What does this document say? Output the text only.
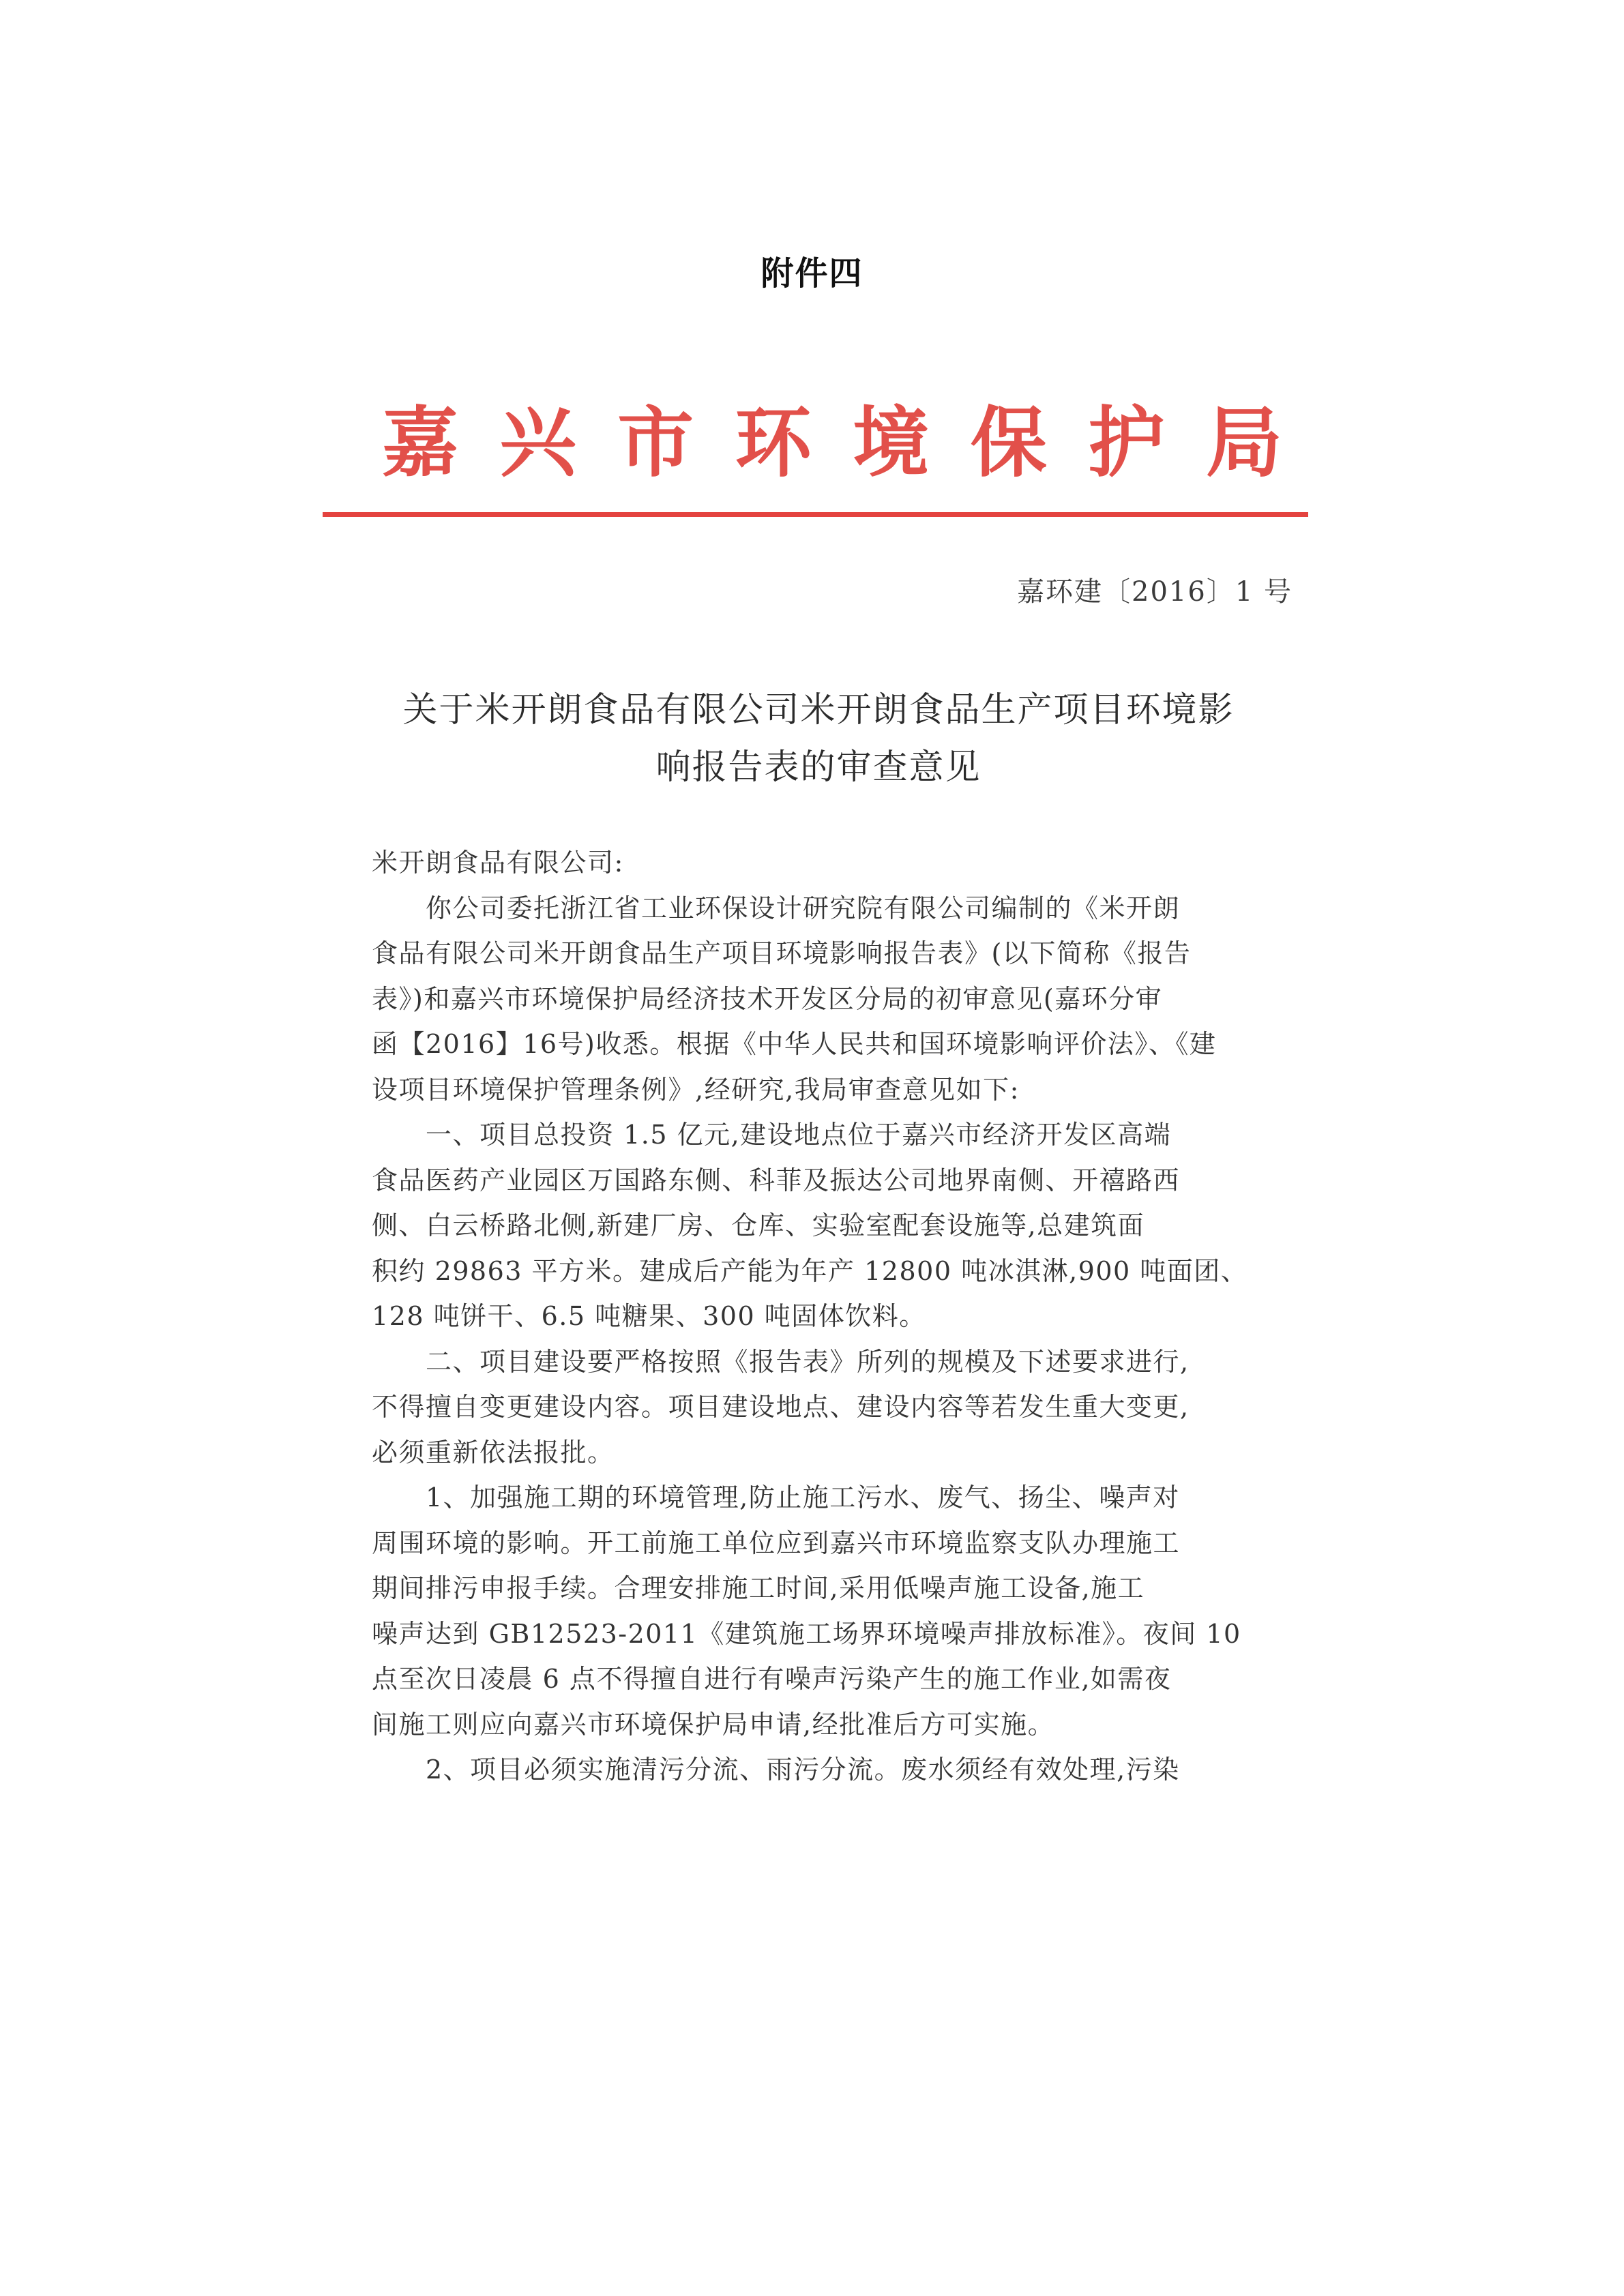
附件四
嘉 兴 市 环 境 保 护 局
嘉环建〔2016〕1 号
关于米开朗食品有限公司米开朗食品生产项目环境影
响报告表的审查意见
米开朗食品有限公司:
　　你公司委托浙江省工业环保设计研究院有限公司编制的《米开朗
食品有限公司米开朗食品生产项目环境影响报告表》(以下简称《报告
表》)和嘉兴市环境保护局经济技术开发区分局的初审意见(嘉环分审
函【2016】16号)收悉。根据《中华人民共和国环境影响评价法》、《建
设项目环境保护管理条例》,经研究,我局审查意见如下:
　　一、项目总投资 1.5 亿元,建设地点位于嘉兴市经济开发区高端
食品医药产业园区万国路东侧、科菲及振达公司地界南侧、开禧路西
侧、白云桥路北侧,新建厂房、仓库、实验室配套设施等,总建筑面
积约 29863 平方米。建成后产能为年产 12800 吨冰淇淋,900 吨面团、
128 吨饼干、6.5 吨糖果、300 吨固体饮料。
　　二、项目建设要严格按照《报告表》所列的规模及下述要求进行,
不得擅自变更建设内容。项目建设地点、建设内容等若发生重大变更,
必须重新依法报批。
　　1、加强施工期的环境管理,防止施工污水、废气、扬尘、噪声对
周围环境的影响。开工前施工单位应到嘉兴市环境监察支队办理施工
期间排污申报手续。合理安排施工时间,采用低噪声施工设备,施工
噪声达到 GB12523-2011《建筑施工场界环境噪声排放标准》。夜间 10
点至次日凌晨 6 点不得擅自进行有噪声污染产生的施工作业,如需夜
间施工则应向嘉兴市环境保护局申请,经批准后方可实施。
　　2、项目必须实施清污分流、雨污分流。废水须经有效处理,污染
